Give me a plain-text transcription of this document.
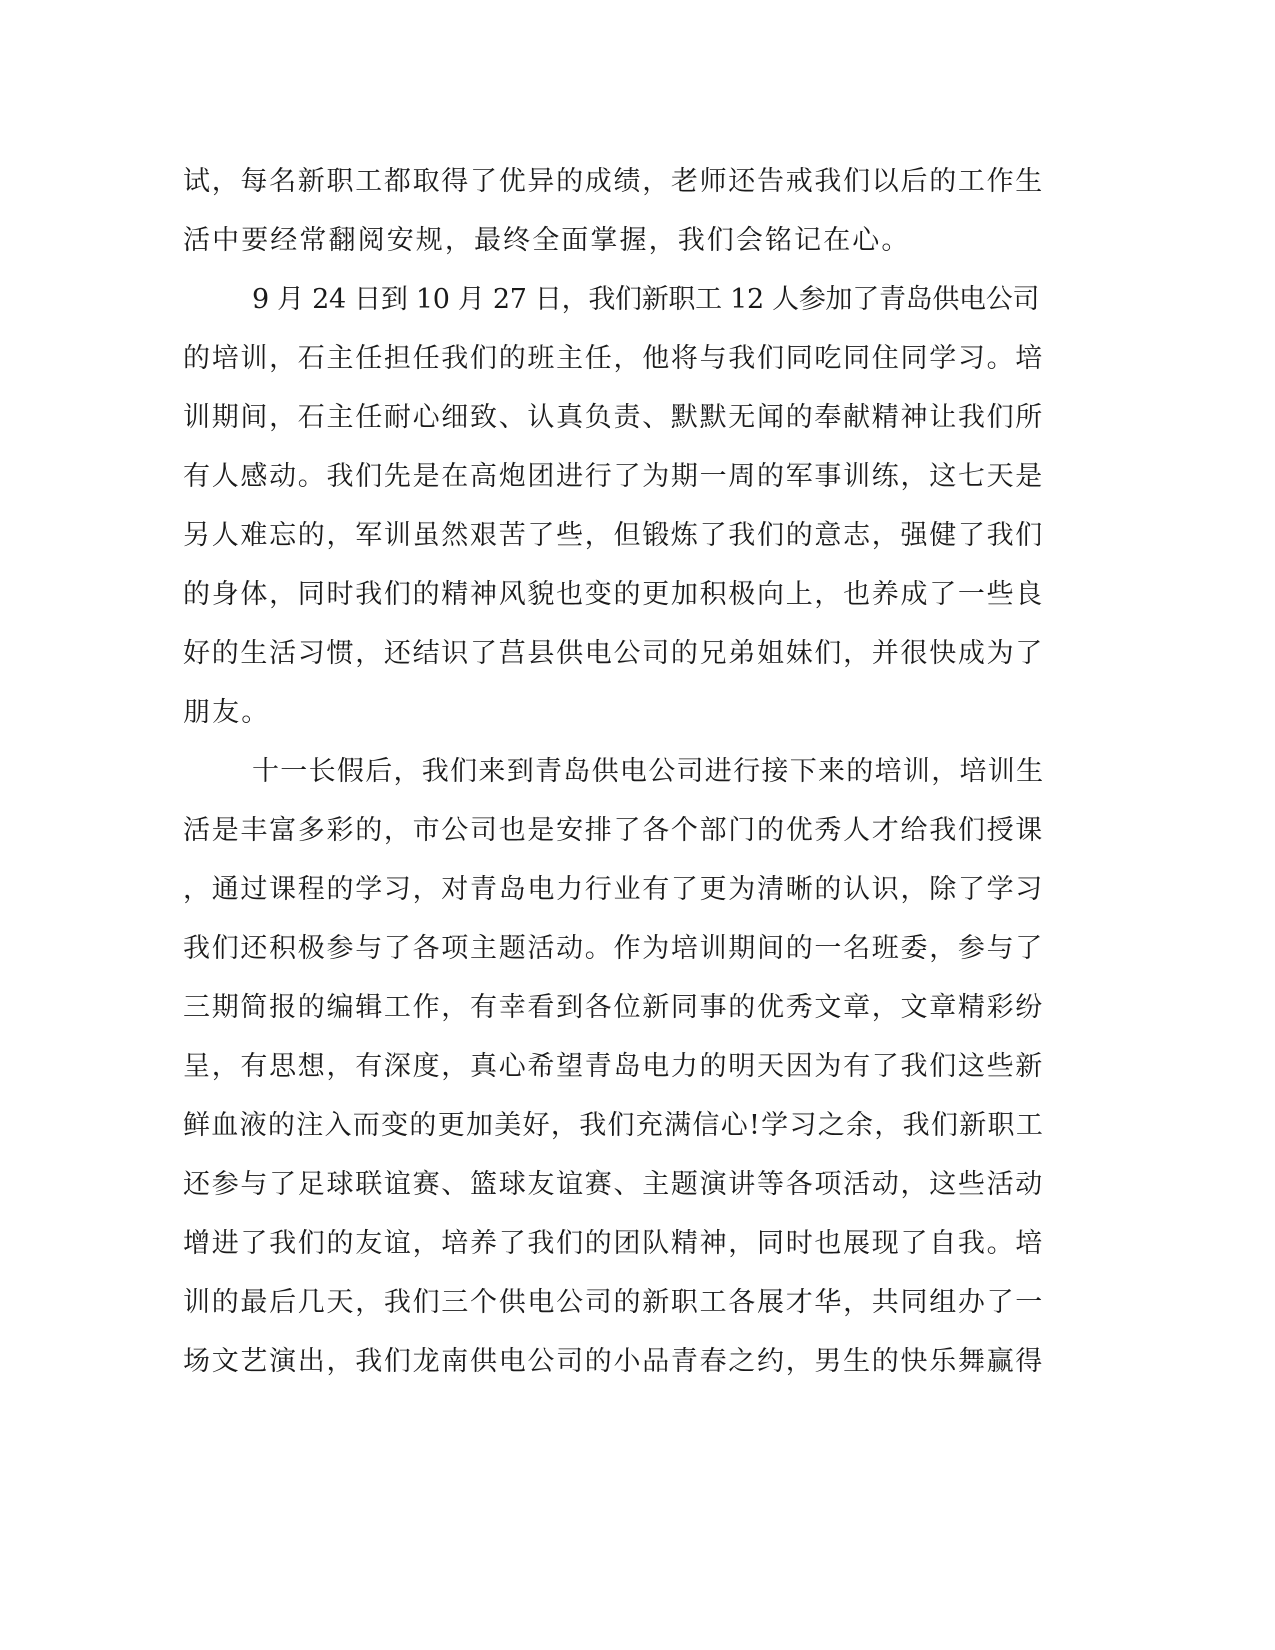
试，每名新职工都取得了优异的成绩，老师还告戒我们以后的工作生
活中要经常翻阅安规，最终全面掌握，我们会铭记在心。
9 月 24 日到 10 月 27 日，我们新职工 12 人参加了青岛供电公司
的培训，石主任担任我们的班主任，他将与我们同吃同住同学习。培
训期间，石主任耐心细致、认真负责、默默无闻的奉献精神让我们所
有人感动。我们先是在高炮团进行了为期一周的军事训练，这七天是
另人难忘的，军训虽然艰苦了些，但锻炼了我们的意志，强健了我们
的身体，同时我们的精神风貌也变的更加积极向上，也养成了一些良
好的生活习惯，还结识了莒县供电公司的兄弟姐妹们，并很快成为了
朋友。
十一长假后，我们来到青岛供电公司进行接下来的培训，培训生
活是丰富多彩的，市公司也是安排了各个部门的优秀人才给我们授课
，通过课程的学习，对青岛电力行业有了更为清晰的认识，除了学习
我们还积极参与了各项主题活动。作为培训期间的一名班委，参与了
三期简报的编辑工作，有幸看到各位新同事的优秀文章，文章精彩纷
呈，有思想，有深度，真心希望青岛电力的明天因为有了我们这些新
鲜血液的注入而变的更加美好，我们充满信心!学习之余，我们新职工
还参与了足球联谊赛、篮球友谊赛、主题演讲等各项活动，这些活动
增进了我们的友谊，培养了我们的团队精神，同时也展现了自我。培
训的最后几天，我们三个供电公司的新职工各展才华，共同组办了一
场文艺演出，我们龙南供电公司的小品青春之约，男生的快乐舞赢得
